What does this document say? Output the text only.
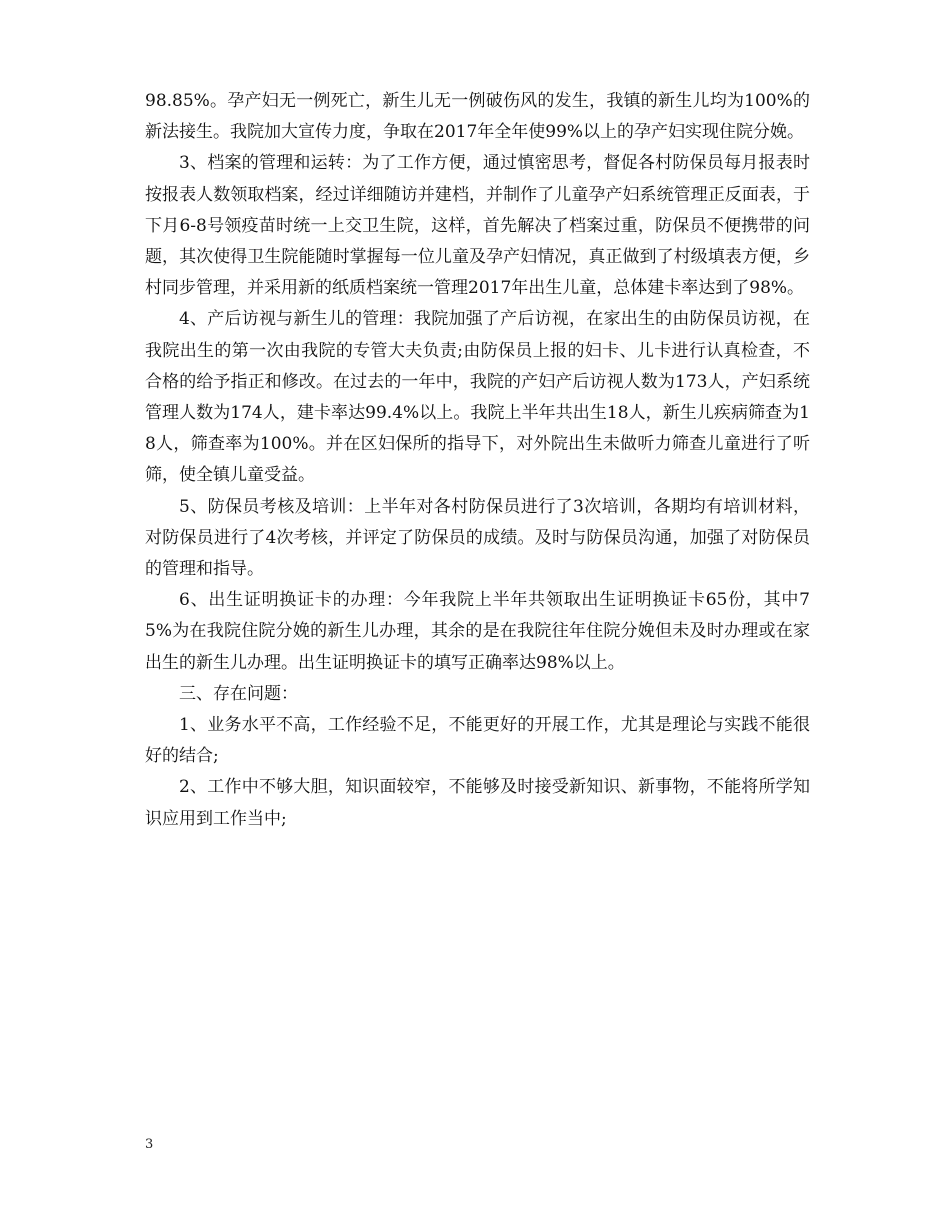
98.85%。孕产妇无一例死亡，新生儿无一例破伤风的发生，我镇的新生儿均为100%的新法接生。我院加大宣传力度，争取在2017年全年使99%以上的孕产妇实现住院分娩。

3、档案的管理和运转：为了工作方便，通过慎密思考，督促各村防保员每月报表时按报表人数领取档案，经过详细随访并建档，并制作了儿童孕产妇系统管理正反面表，于下月6-8号领疫苗时统一上交卫生院，这样，首先解决了档案过重，防保员不便携带的问题，其次使得卫生院能随时掌握每一位儿童及孕产妇情况，真正做到了村级填表方便，乡村同步管理，并采用新的纸质档案统一管理2017年出生儿童，总体建卡率达到了98%。

4、产后访视与新生儿的管理：我院加强了产后访视，在家出生的由防保员访视，在我院出生的第一次由我院的专管大夫负责;由防保员上报的妇卡、儿卡进行认真检查，不合格的给予指正和修改。在过去的一年中，我院的产妇产后访视人数为173人，产妇系统管理人数为174人，建卡率达99.4%以上。我院上半年共出生18人，新生儿疾病筛查为18人，筛查率为100%。并在区妇保所的指导下，对外院出生未做听力筛查儿童进行了听筛，使全镇儿童受益。

5、防保员考核及培训：上半年对各村防保员进行了3次培训，各期均有培训材料，对防保员进行了4次考核，并评定了防保员的成绩。及时与防保员沟通，加强了对防保员的管理和指导。

6、出生证明换证卡的办理：今年我院上半年共领取出生证明换证卡65份，其中75%为在我院住院分娩的新生儿办理，其余的是在我院往年住院分娩但未及时办理或在家出生的新生儿办理。出生证明换证卡的填写正确率达98%以上。

三、存在问题：

1、业务水平不高，工作经验不足，不能更好的开展工作，尤其是理论与实践不能很好的结合;

2、工作中不够大胆，知识面较窄，不能够及时接受新知识、新事物，不能将所学知识应用到工作当中;

3
